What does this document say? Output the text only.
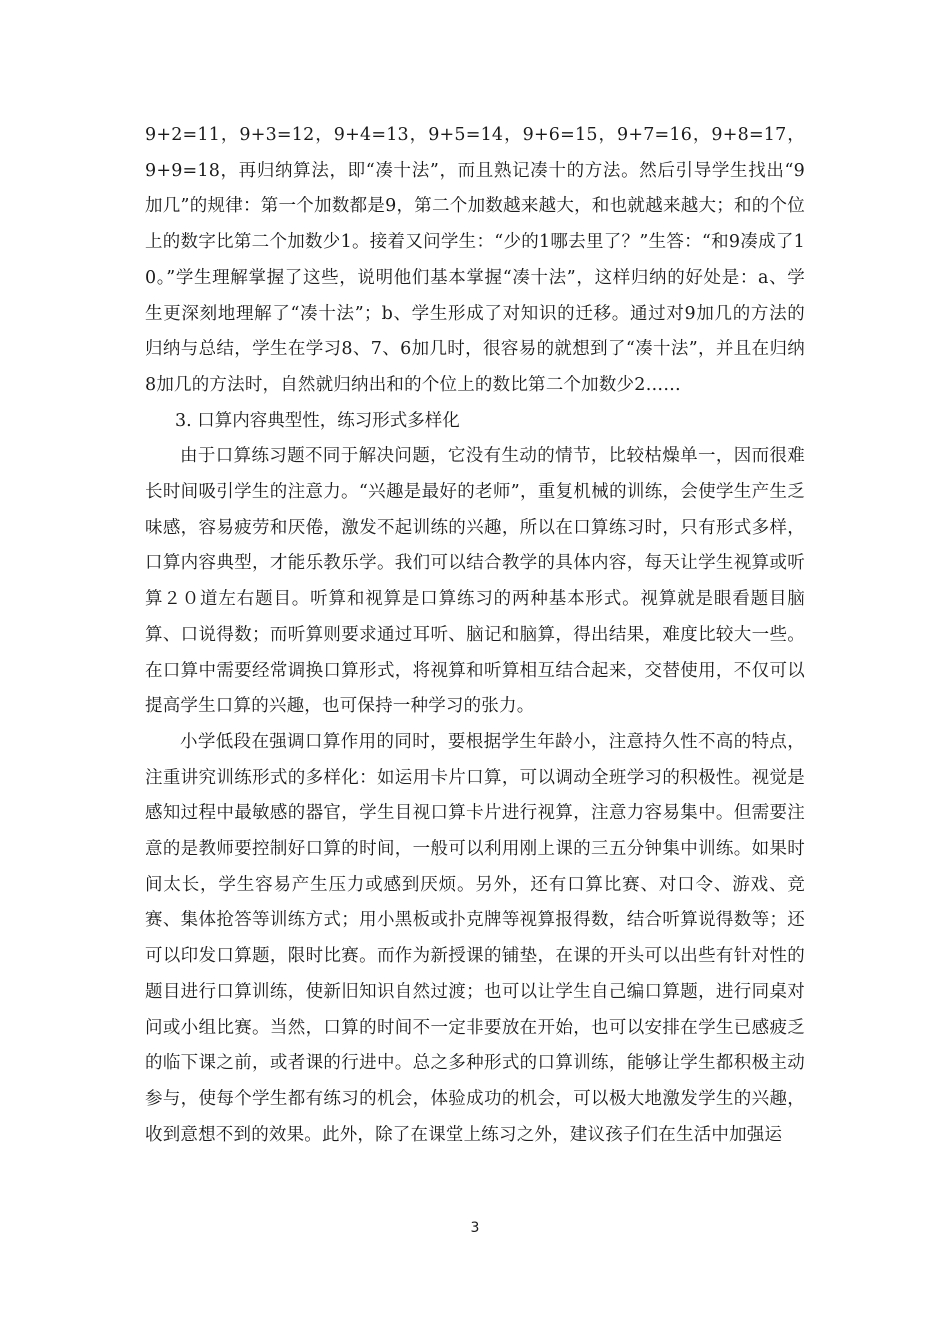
9+2=11，9+3=12，9+4=13，9+5=14，9+6=15，9+7=16，9+8=17，9+9=18，再归纳算法，即“凑十法”，而且熟记凑十的方法。然后引导学生找出“9加几”的规律：第一个加数都是9，第二个加数越来越大，和也就越来越大；和的个位上的数字比第二个加数少1。接着又问学生：“少的1哪去里了？”生答：“和9凑成了10。”学生理解掌握了这些，说明他们基本掌握“凑十法”，这样归纳的好处是：a、学生更深刻地理解了“凑十法”；b、学生形成了对知识的迁移。通过对9加几的方法的归纳与总结，学生在学习8、7、6加几时，很容易的就想到了“凑十法”，并且在归纳8加几的方法时，自然就归纳出和的个位上的数比第二个加数少2……

3. 口算内容典型性，练习形式多样化

由于口算练习题不同于解决问题，它没有生动的情节，比较枯燥单一，因而很难长时间吸引学生的注意力。“兴趣是最好的老师”，重复机械的训练，会使学生产生乏味感，容易疲劳和厌倦，激发不起训练的兴趣，所以在口算练习时，只有形式多样，口算内容典型，才能乐教乐学。我们可以结合教学的具体内容，每天让学生视算或听算２０道左右题目。听算和视算是口算练习的两种基本形式。视算就是眼看题目脑算、口说得数；而听算则要求通过耳听、脑记和脑算，得出结果，难度比较大一些。在口算中需要经常调换口算形式，将视算和听算相互结合起来，交替使用，不仅可以提高学生口算的兴趣，也可保持一种学习的张力。

小学低段在强调口算作用的同时，要根据学生年龄小，注意持久性不高的特点，注重讲究训练形式的多样化：如运用卡片口算，可以调动全班学习的积极性。视觉是感知过程中最敏感的器官，学生目视口算卡片进行视算，注意力容易集中。但需要注意的是教师要控制好口算的时间，一般可以利用刚上课的三五分钟集中训练。如果时间太长，学生容易产生压力或感到厌烦。另外，还有口算比赛、对口令、游戏、竞赛、集体抢答等训练方式；用小黑板或扑克牌等视算报得数，结合听算说得数等；还可以印发口算题，限时比赛。而作为新授课的铺垫，在课的开头可以出些有针对性的题目进行口算训练，使新旧知识自然过渡；也可以让学生自己编口算题，进行同桌对问或小组比赛。当然，口算的时间不一定非要放在开始，也可以安排在学生已感疲乏的临下课之前，或者课的行进中。总之多种形式的口算训练，能够让学生都积极主动参与，使每个学生都有练习的机会，体验成功的机会，可以极大地激发学生的兴趣，收到意想不到的效果。此外，除了在课堂上练习之外，建议孩子们在生活中加强运

3
